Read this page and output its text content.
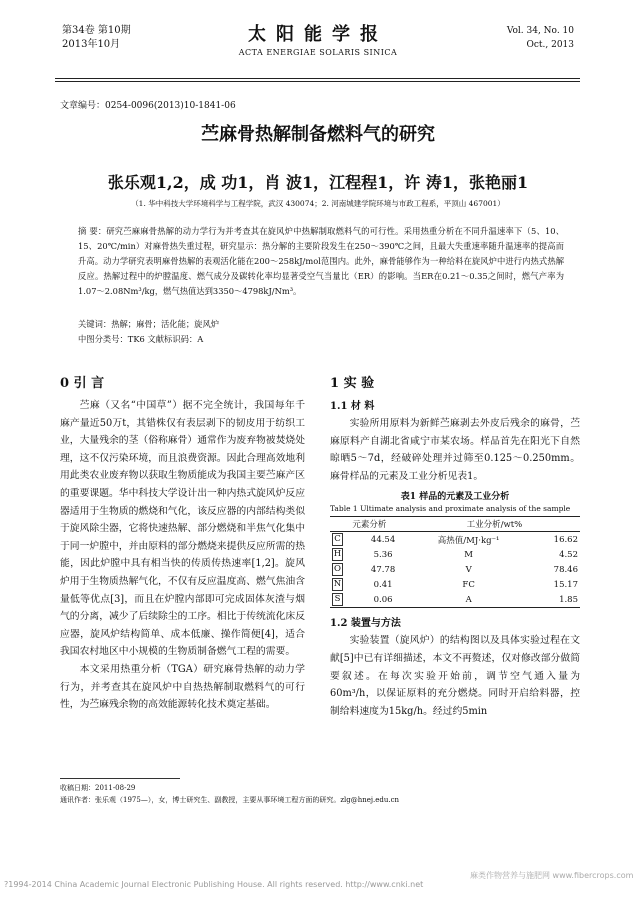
第34卷 第10期
2013年10月	太阳能学报
ACTA ENERGIAE SOLARIS SINICA
Vol. 34, No. 10
Oct., 2013
文章编号：0254-0096(2013)10-1841-06
苎麻骨热解制备燃料气的研究
张乐观1,2，成 功1，肖 波1，江程程1，许 涛1，张艳丽1
（1. 华中科技大学环境科学与工程学院，武汉 430074；2. 河南城建学院环境与市政工程系，平顶山 467001）
摘 要：研究苎麻麻骨热解的动力学行为并考查其在旋风炉中热解制取燃料气的可行性。采用热重分析在不同升温速率下（5、10、15、20℃/min）对麻骨热失重过程，研究显示：热分解的主要阶段发生在250～390℃之间，且最大失重速率随升温速率的提高而升高。动力学研究表明麻骨热解的表观活化能在200～258kJ/mol范围内。此外，麻骨能够作为一种给料在旋风炉中进行内热式热解反应。热解过程中的炉膛温度、燃气成分及碳转化率均显著受空气当量比（ER）的影响。当ER在0.21～0.35之间时，燃气产率为1.07～2.08Nm³/kg，燃气热值达到3350～4798kJ/Nm³。
关键词：热解；麻骨；活化能；旋风炉
中图分类号：TK6 文献标识码：A
0 引 言

苎麻（又名“中国草”）据不完全统计，我国每年千麻产量近50万t，其错株仅有表层剥下的韧皮用于纺织工业，大量残余的茎（俗称麻骨）通常作为废弃物被焚烧处理，这不仅污染环境，而且浪费资源。因此合理高效地利用此类农业废弃物以获取生物质能成为我国主要苎麻产区的重要课题。华中科技大学设计出一种内热式旋风炉反应器适用于生物质的燃烧和气化，该反应器的内部结构类似于旋风除尘器，它将快速热解、部分燃烧和半焦气化集中于同一炉膛中，并由原料的部分燃烧来提供反应所需的热能，因此炉膛中具有相当快的传质传热速率[1,2]。旋风炉用于生物质热解气化，不仅有反应温度高、燃气焦油含量低等优点[3]，而且在炉膛内部即可完成固体灰渣与烟气的分离，减少了后续除尘的工序。相比于传统流化床反应器，旋风炉结构简单、成本低廉、操作简便[4]，适合我国农村地区中小规模的生物质制备燃气工程的需要。

本文采用热重分析（TGA）研究麻骨热解的动力学行为，并考查其在旋风炉中自热热解制取燃料气的可行性，为苎麻残余物的高效能源转化技术奠定基础。

1 实 验
1.1 材 料

实验所用原料为新鲜苎麻剥去外皮后残余的麻骨，苎麻原料产自湖北省咸宁市某农场。样品首先在阳光下自然晾晒5～7d，经破碎处理并过筛至0.125～0.250mm。麻骨样品的元素及工业分析见表1。

表1 样品的元素及工业分析
Table 1 Ultimate analysis and proximate analysis of the sample
元素分析		工业分析/wt%	
C	44.54	高热值/MJ·kg⁻¹	16.62
H	5.36	M	4.52
O	47.78	V	78.46
N	0.41	FC	15.17
S	0.06	A	1.85
1.2 装置与方法

实验装置（旋风炉）的结构图以及具体实验过程在文献[5]中已有详细描述，本文不再赘述，仅对修改部分做简要叙述。在每次实验开始前，调节空气通入量为60m³/h，以保证原料的充分燃烧。同时开启给料器，控制给料速度为15kg/h。经过约5min

收稿日期：2011-08-29
通讯作者：张乐观（1975—），女，博士研究生、副教授，主要从事环境工程方面的研究。zlg@hnej.edu.cn
?1994-2014 China Academic Journal Electronic Publishing House. All rights reserved. http://www.cnki.net
麻类作物营养与施肥网 www.fibercrops.com
